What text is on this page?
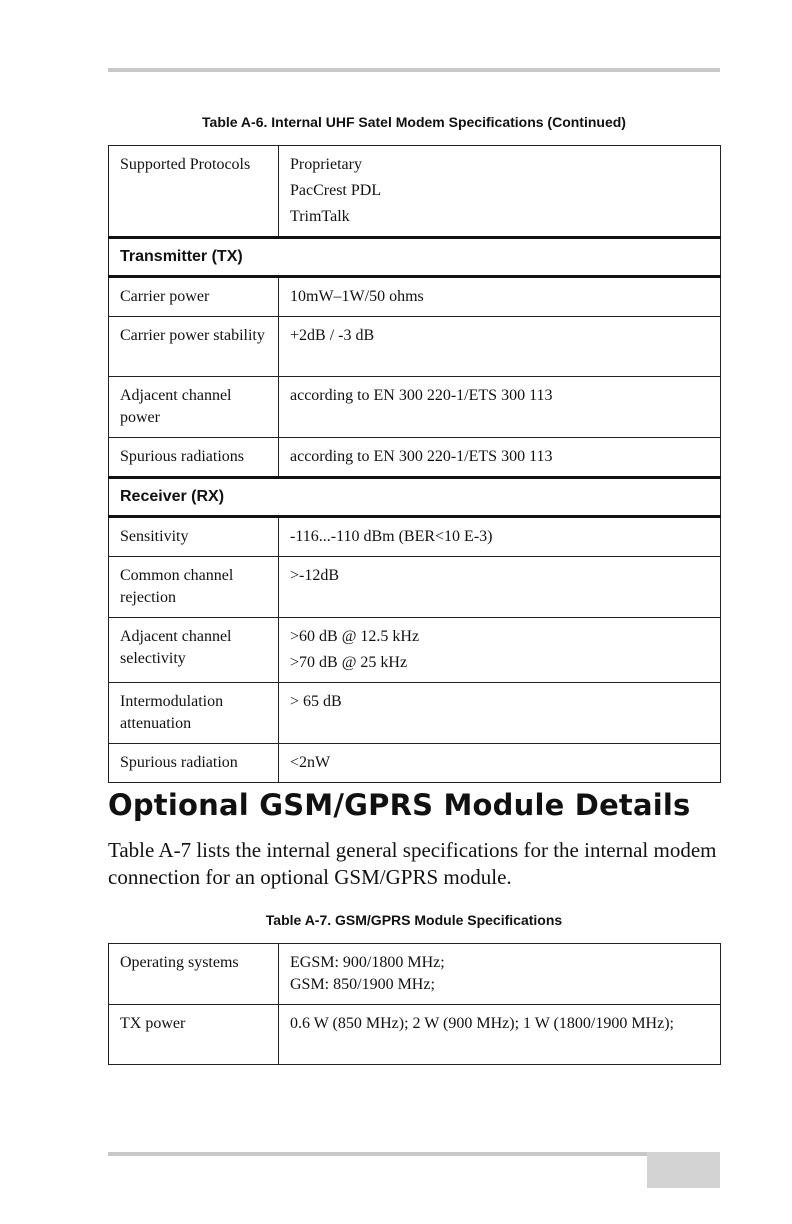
Table A-6. Internal UHF Satel Modem Specifications (Continued)
Supported Protocols	Proprietary
PacCrest PDL
TrimTalk

Transmitter (TX)	
Carrier power	10mW–1W/50 ohms
Carrier power stability	+2dB / -3 dB
Adjacent channel power	according to EN 300 220-1/ETS 300 113
Spurious radiations	according to EN 300 220-1/ETS 300 113
Receiver (RX)	
Sensitivity	-116...-110 dBm (BER<10 E-3)
Common channel rejection	>-12dB
Adjacent channel selectivity	>60 dB @ 12.5 kHz
>70 dB @ 25 kHz

Intermodulation attenuation	> 65 dB
Spurious radiation	<2nW
Optional GSM/GPRS Module Details
Table A-7 lists the internal general specifications for the internal modem connection for an optional GSM/GPRS module.
Table A-7. GSM/GPRS Module Specifications
Operating systems	EGSM: 900/1800 MHz;
GSM: 850/1900 MHz;

TX power	0.6 W (850 MHz); 2 W (900 MHz); 1 W (1800/1900 MHz);
